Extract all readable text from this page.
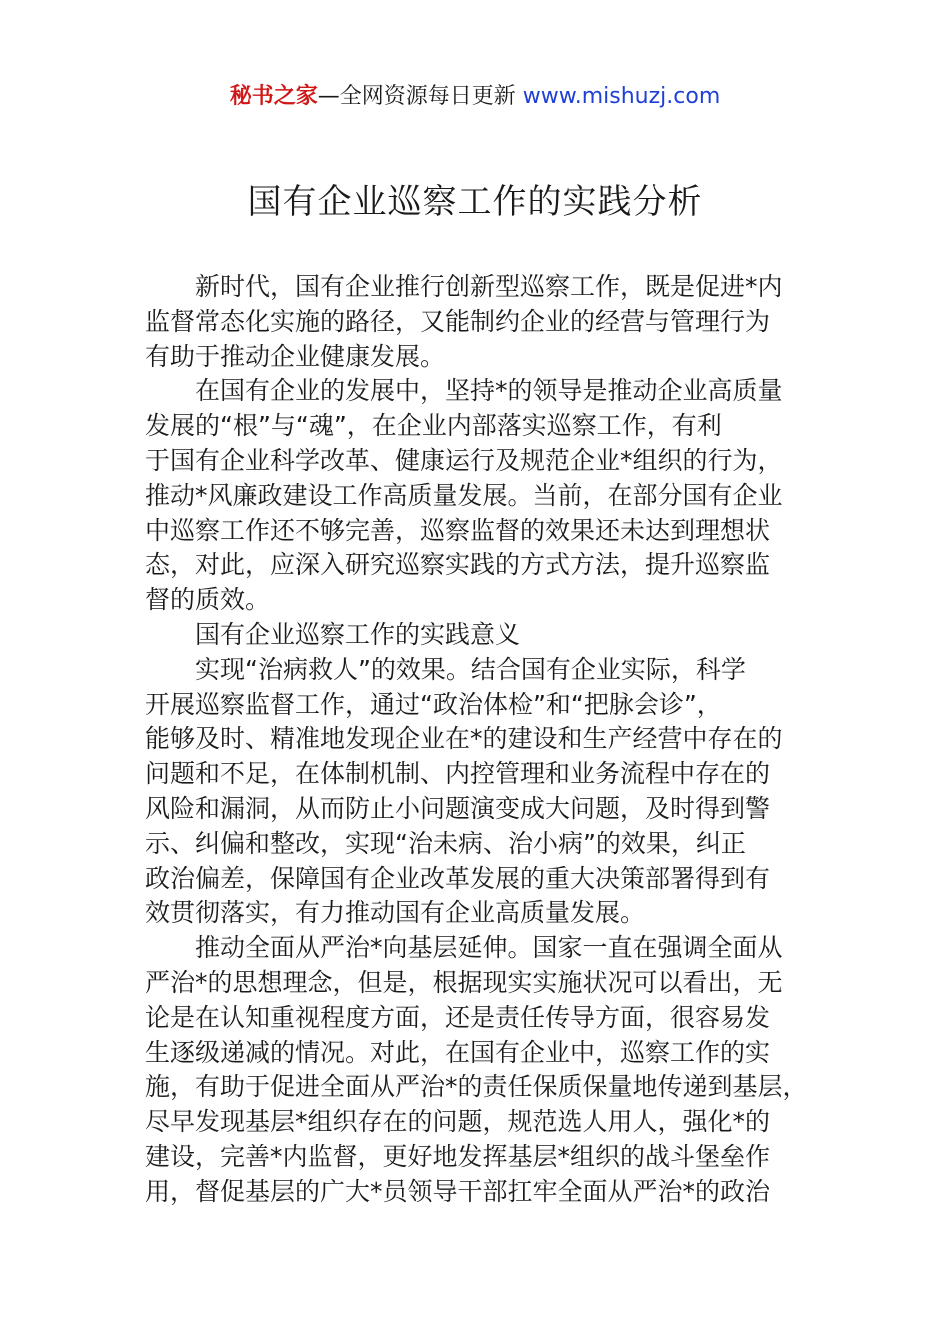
秘书之家—全网资源每日更新 www.mishuzj.com
国有企业巡察工作的实践分析
新时代，国有企业推行创新型巡察工作，既是促进*内
监督常态化实施的路径，又能制约企业的经营与管理行为
有助于推动企业健康发展。
在国有企业的发展中，坚持*的领导是推动企业高质量
发展的“根”与“魂”，在企业内部落实巡察工作，有利
于国有企业科学改革、健康运行及规范企业*组织的行为，
推动*风廉政建设工作高质量发展。当前，在部分国有企业
中巡察工作还不够完善，巡察监督的效果还未达到理想状
态，对此，应深入研究巡察实践的方式方法，提升巡察监
督的质效。
国有企业巡察工作的实践意义
实现“治病救人”的效果。结合国有企业实际，科学
开展巡察监督工作，通过“政治体检”和“把脉会诊”，
能够及时、精准地发现企业在*的建设和生产经营中存在的
问题和不足，在体制机制、内控管理和业务流程中存在的
风险和漏洞，从而防止小问题演变成大问题，及时得到警
示、纠偏和整改，实现“治未病、治小病”的效果，纠正
政治偏差，保障国有企业改革发展的重大决策部署得到有
效贯彻落实，有力推动国有企业高质量发展。
推动全面从严治*向基层延伸。国家一直在强调全面从
严治*的思想理念，但是，根据现实实施状况可以看出，无
论是在认知重视程度方面，还是责任传导方面，很容易发
生逐级递减的情况。对此，在国有企业中，巡察工作的实
施，有助于促进全面从严治*的责任保质保量地传递到基层，
尽早发现基层*组织存在的问题，规范选人用人，强化*的
建设，完善*内监督，更好地发挥基层*组织的战斗堡垒作
用，督促基层的广大*员领导干部扛牢全面从严治*的政治
